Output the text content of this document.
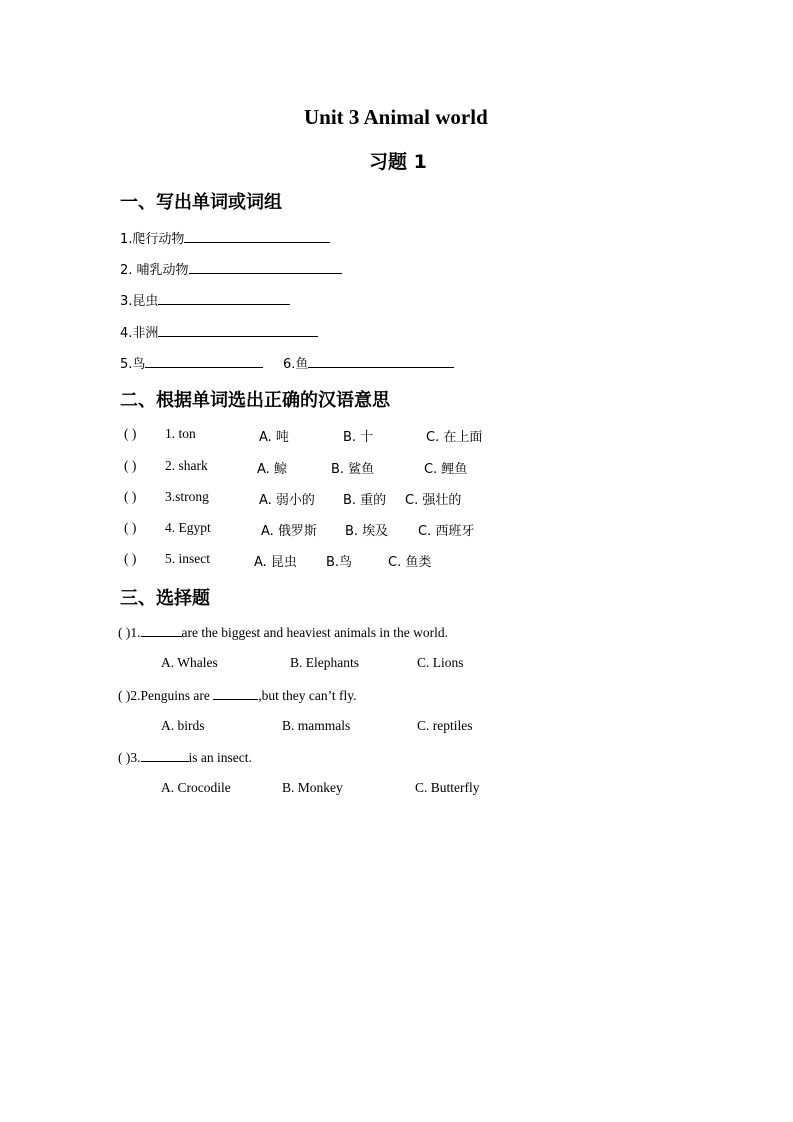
Unit 3 Animal world
习题 1
一、写出单词或词组
1.爬行动物
2. 哺乳动物
3.昆虫
4.非洲
5.鸟	6.鱼
二、根据单词选出正确的汉语意思
( ) 1. ton	A. 吨	B. 十	C. 在上面
( ) 2. shark	A. 鲸	B. 鲨鱼	C. 鲤鱼
( ) 3.strong	A. 弱小的 B. 重的 C. 强壮的
( ) 4. Egypt	A. 俄罗斯 B. 埃及 C. 西班牙
( ) 5. insect	A. 昆虫 B.鸟	C. 鱼类
三、选择题
( )1.	are the biggest and heaviest animals in the world.
A. Whales	B. Elephants	C. Lions
( )2.Penguins are	,but they can’t fly.
A. birds	B. mammals	C. reptiles
( )3.	is an insect.
A. Crocodile	B. Monkey	C. Butterfly
